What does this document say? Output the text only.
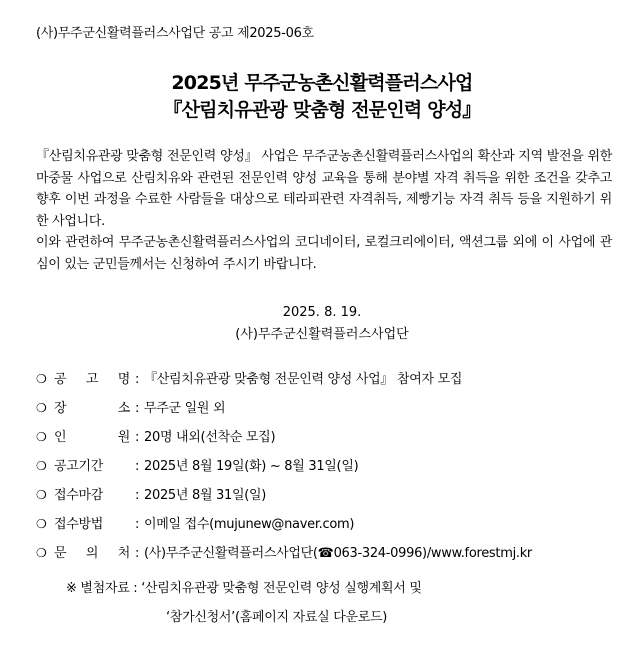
(사)무주군신활력플러스사업단 공고 제2025-06호
2025년 무주군농촌신활력플러스사업
『산림치유관광 맞춤형 전문인력 양성』

『산림치유관광 맞춤형 전문인력 양성』 사업은 무주군농촌신활력플러스사업의 확산과 지역 발전을 위한 마중물 사업으로 산림치유와 관련된 전문인력 양성 교육을 통해 분야별 자격 취득을 위한 조건을 갖추고 향후 이번 과정을 수료한 사람들을 대상으로 테라피관련 자격취득, 제빵기능 자격 취득 등을 지원하기 위한 사업니다.

이와 관련하여 무주군농촌신활력플러스사업의 코디네이터, 로컬크리에이터, 액션그룹 외에 이 사업에 관심이 있는 군민들께서는 신청하여 주시기 바랍니다.

2025. 8. 19.
(사)무주군신활력플러스사업단
❍ 공 고 명 : 『산림치유관광 맞춤형 전문인력 양성 사업』 참여자 모집
❍ 장	소 : 무주군 일원 외
❍ 인	원 : 20명 내외(선착순 모집)
❍ 공고기간	: 2025년 8월 19일(화) ~ 8월 31일(일)
❍ 접수마감	: 2025년 8월 31일(일)
❍ 접수방법	: 이메일 접수(mujunew@naver.com)
❍ 문 의 처 : (사)무주군신활력플러스사업단(☎063-324-0996)/www.forestmj.kr
※ 별첨자료 : ‘산림치유관광 맞춤형 전문인력 양성 실행계획서 및
‘참가신청서’(홈페이지 자료실 다운로드)
